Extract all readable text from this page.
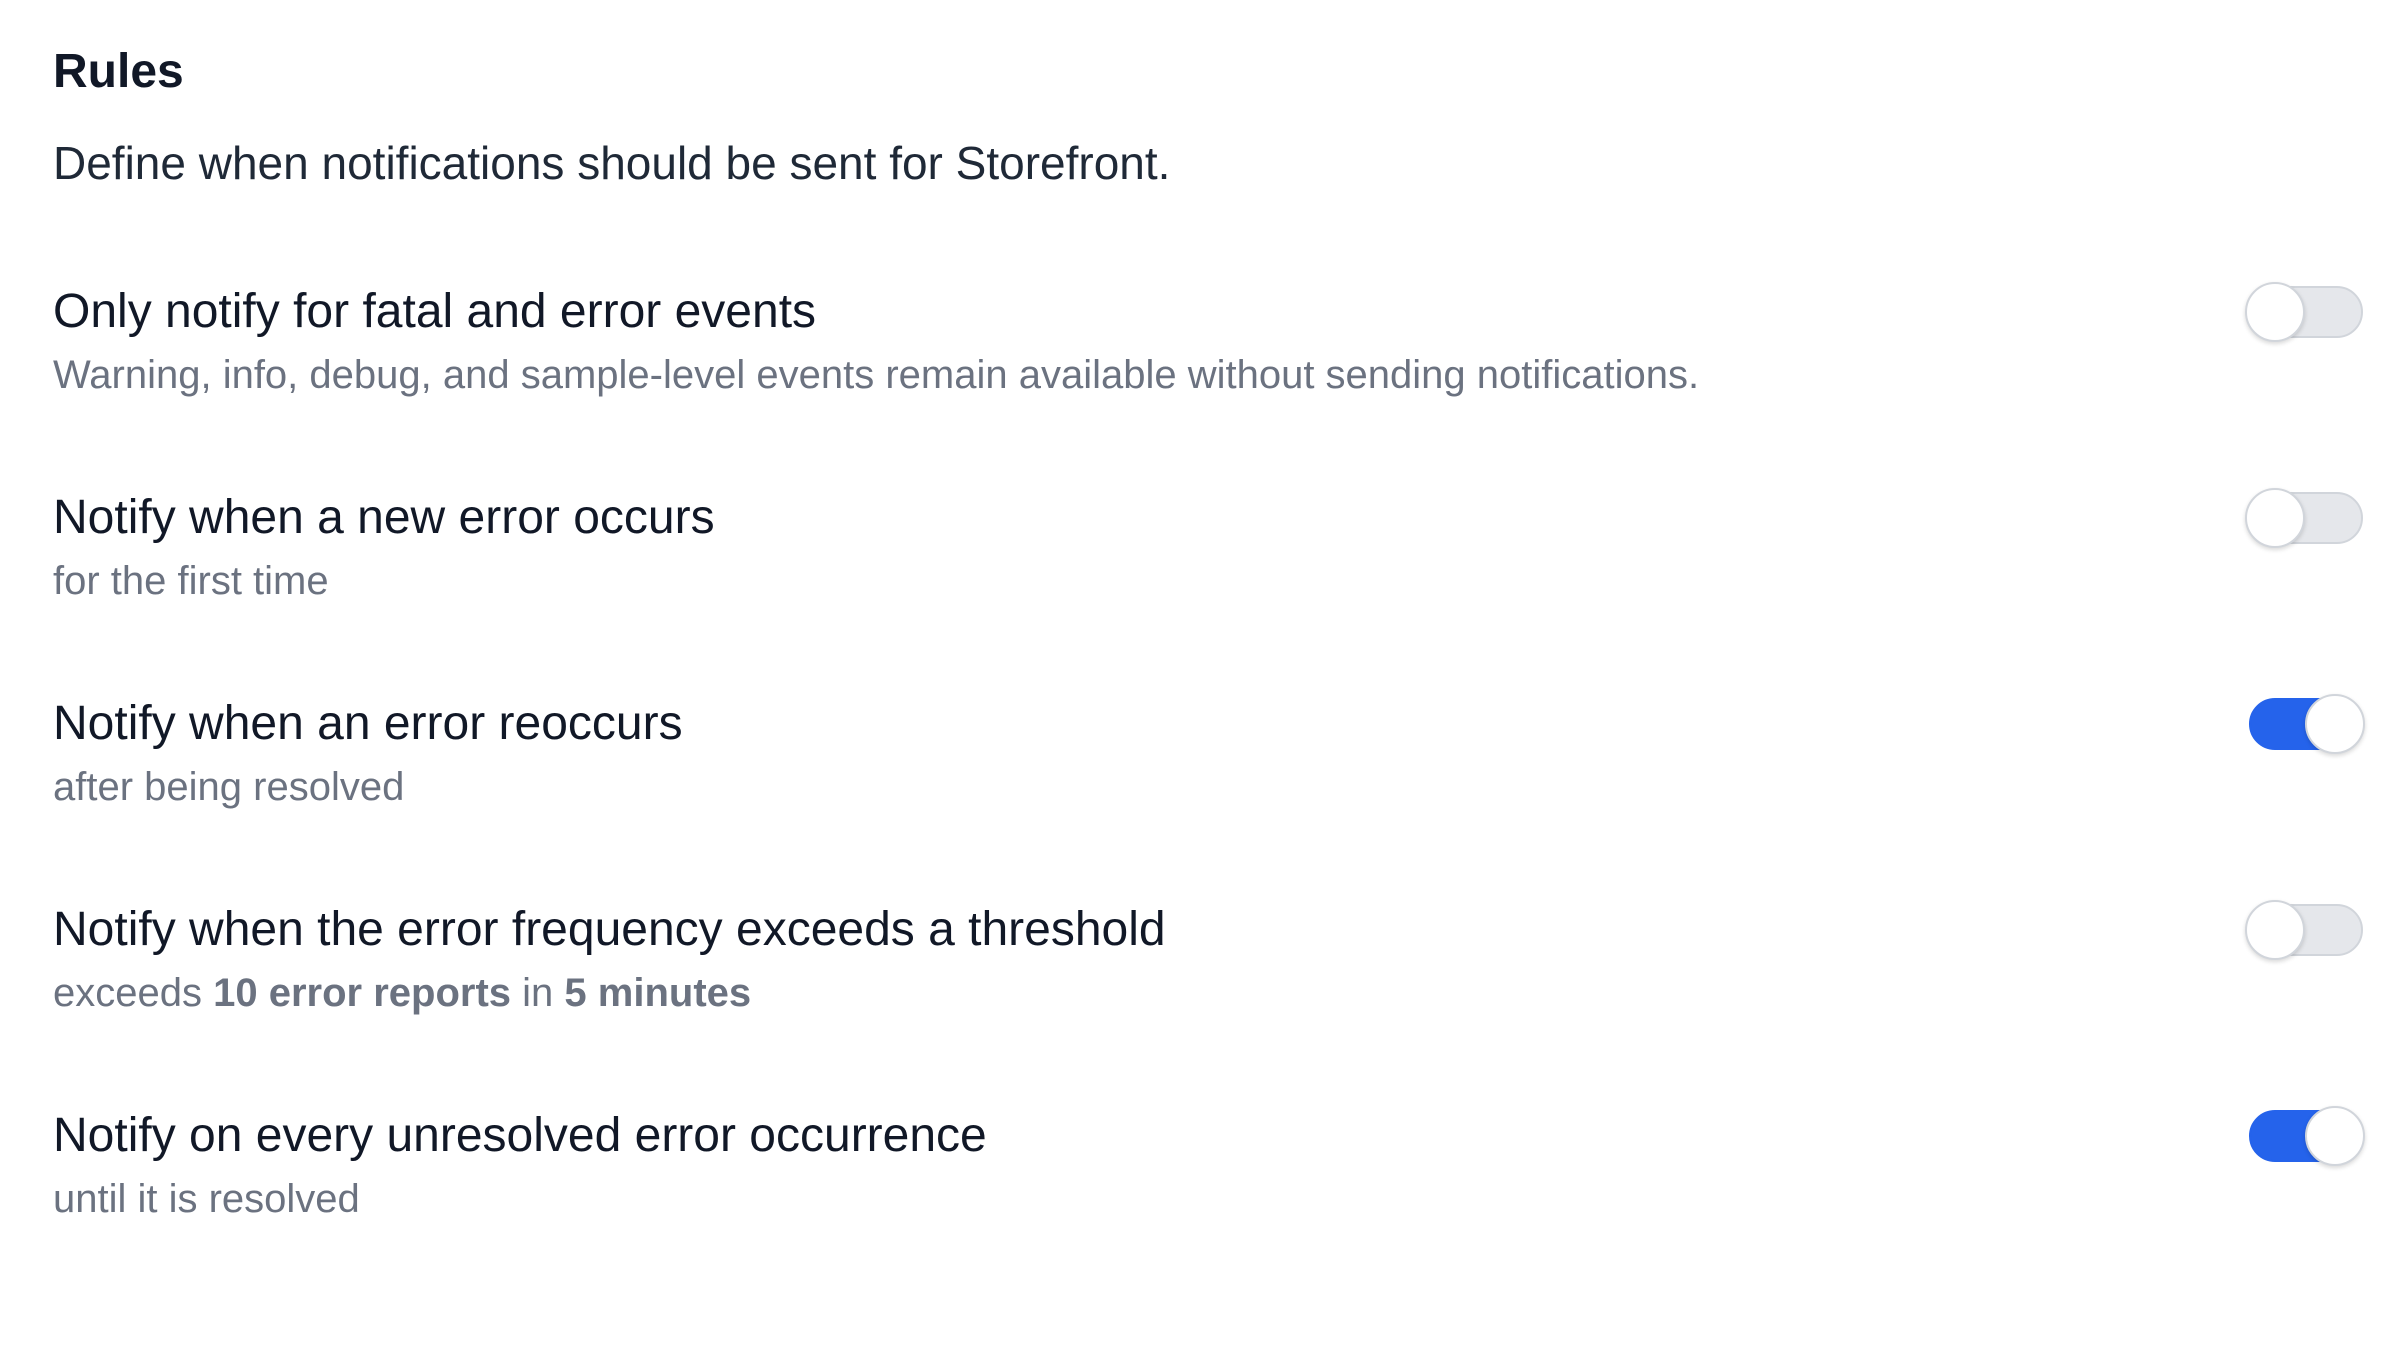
Rules
Define when notifications should be sent for Storefront.
Only notify for fatal and error events
Warning, info, debug, and sample-level events remain available without sending notifications.
Notify when a new error occurs
for the first time
Notify when an error reoccurs
after being resolved
Notify when the error frequency exceeds a threshold
exceeds 10 error reports in 5 minutes
Notify on every unresolved error occurrence
until it is resolved
